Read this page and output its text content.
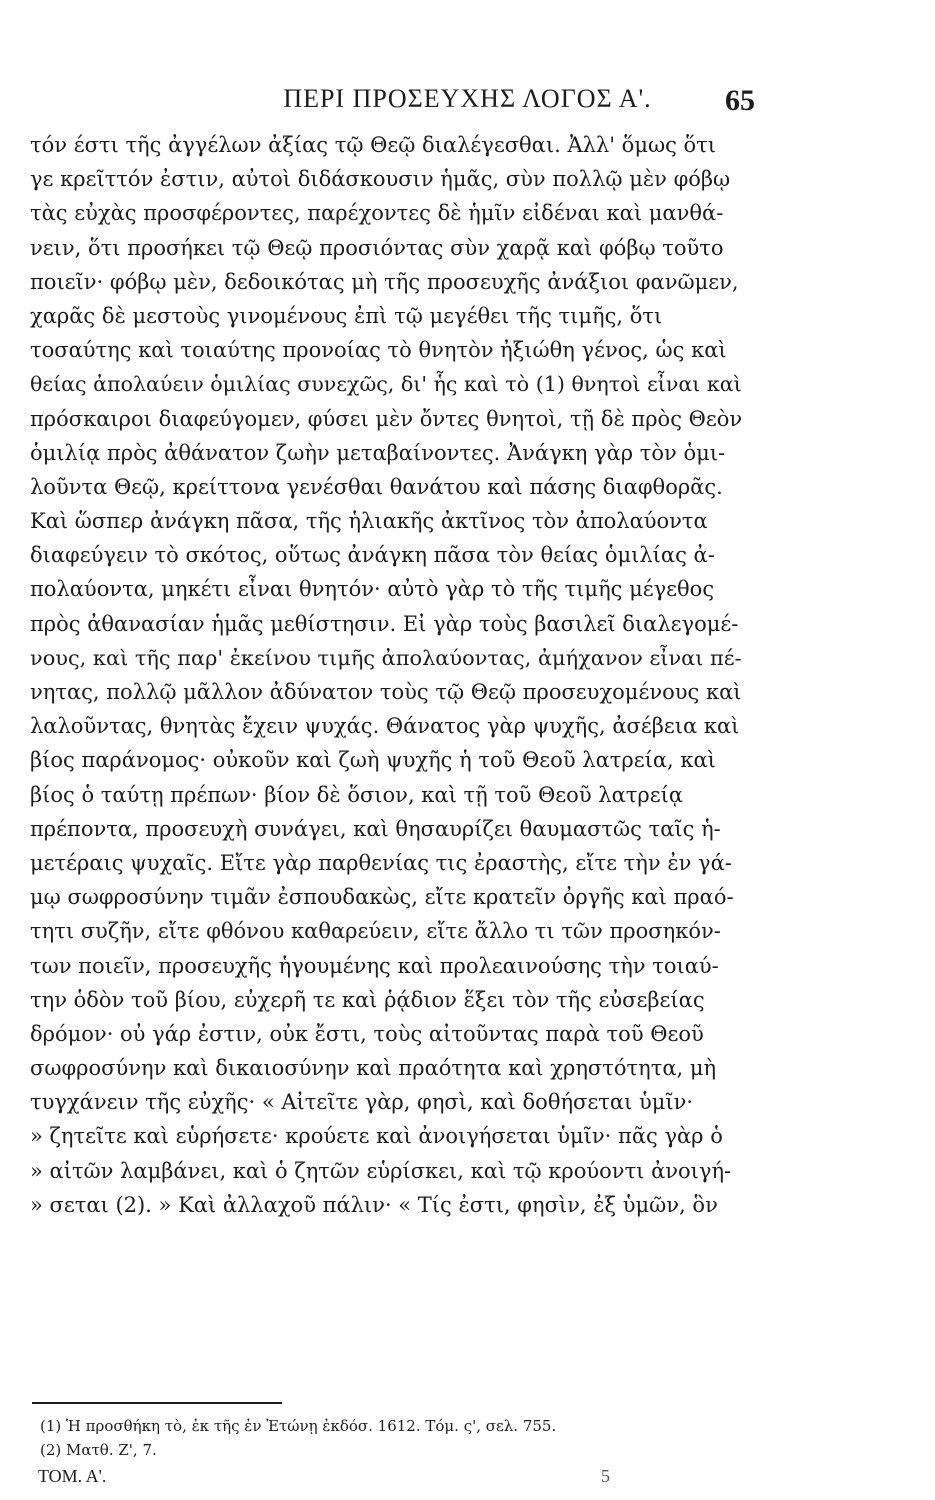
ΠΕΡΙ ΠΡΟΣΕΥΧΗΣ ΛΟΓΟΣ Α'.	65
τόν έστι τῆς ἀγγέλων ἀξίας τῷ Θεῷ διαλέγεσθαι. Ἀλλ' ὅμως ὅτι
γε κρεῖττόν ἐστιν, αὐτοὶ διδάσκουσιν ἡμᾶς, σὺν πολλῷ μὲν φόβῳ
τὰς εὐχὰς προσφέροντες, παρέχοντες δὲ ἡμῖν εἰδέναι καὶ μανθά-
νειν, ὅτι προσήκει τῷ Θεῷ προσιόντας σὺν χαρᾷ καὶ φόβῳ τοῦτο
ποιεῖν· φόβῳ μὲν, δεδοικότας μὴ τῆς προσευχῆς ἀνάξιοι φανῶμεν,
χαρᾶς δὲ μεστοὺς γινομένους ἐπὶ τῷ μεγέθει τῆς τιμῆς, ὅτι
τοσαύτης καὶ τοιαύτης προνοίας τὸ θνητὸν ἠξιώθη γένος, ὡς καὶ
θείας ἀπολαύειν ὁμιλίας συνεχῶς, δι' ἧς καὶ τὸ (1) θνητοὶ εἶναι καὶ
πρόσκαιροι διαφεύγομεν, φύσει μὲν ὄντες θνητοὶ, τῇ δὲ πρὸς Θεὸν
ὁμιλίᾳ πρὸς ἀθάνατον ζωὴν μεταβαίνοντες. Ἀνάγκη γὰρ τὸν ὁμι-
λοῦντα Θεῷ, κρείττονα γενέσθαι θανάτου καὶ πάσης διαφθορᾶς.
Καὶ ὥσπερ ἀνάγκη πᾶσα, τῆς ἡλιακῆς ἀκτῖνος τὸν ἀπολαύοντα
διαφεύγειν τὸ σκότος, οὕτως ἀνάγκη πᾶσα τὸν θείας ὁμιλίας ἀ-
πολαύοντα, μηκέτι εἶναι θνητόν· αὐτὸ γὰρ τὸ τῆς τιμῆς μέγεθος
πρὸς ἀθανασίαν ἡμᾶς μεθίστησιν. Εἰ γὰρ τοὺς βασιλεῖ διαλεγομέ-
νους, καὶ τῆς παρ' ἐκείνου τιμῆς ἀπολαύοντας, ἀμήχανον εἶναι πέ-
νητας, πολλῷ μᾶλλον ἀδύνατον τοὺς τῷ Θεῷ προσευχομένους καὶ
λαλοῦντας, θνητὰς ἔχειν ψυχάς. Θάνατος γὰρ ψυχῆς, ἀσέβεια καὶ
βίος παράνομος· οὐκοῦν καὶ ζωὴ ψυχῆς ἡ τοῦ Θεοῦ λατρεία, καὶ
βίος ὁ ταύτῃ πρέπων· βίον δὲ ὅσιον, καὶ τῇ τοῦ Θεοῦ λατρείᾳ
πρέποντα, προσευχὴ συνάγει, καὶ θησαυρίζει θαυμαστῶς ταῖς ἡ-
μετέραις ψυχαῖς. Εἴτε γὰρ παρθενίας τις ἐραστὴς, εἴτε τὴν ἐν γά-
μῳ σωφροσύνην τιμᾶν ἐσπουδακὼς, εἴτε κρατεῖν ὀργῆς καὶ πραό-
τητι συζῆν, εἴτε φθόνου καθαρεύειν, εἴτε ἄλλο τι τῶν προσηκόν-
των ποιεῖν, προσευχῆς ἡγουμένης καὶ προλεαινούσης τὴν τοιαύ-
την ὁδὸν τοῦ βίου, εὐχερῆ τε καὶ ῥᾴδιον ἕξει τὸν τῆς εὐσεβείας
δρόμον· οὐ γάρ ἐστιν, οὐκ ἔστι, τοὺς αἰτοῦντας παρὰ τοῦ Θεοῦ
σωφροσύνην καὶ δικαιοσύνην καὶ πραότητα καὶ χρηστότητα, μὴ
τυγχάνειν τῆς εὐχῆς· « Αἰτεῖτε γὰρ, φησὶ, καὶ δοθήσεται ὑμῖν·
» ζητεῖτε καὶ εὑρήσετε· κρούετε καὶ ἀνοιγήσεται ὑμῖν· πᾶς γὰρ ὁ
» αἰτῶν λαμβάνει, καὶ ὁ ζητῶν εὑρίσκει, καὶ τῷ κρούοντι ἀνοιγή-
» σεται (2). » Καὶ ἀλλαχοῦ πάλιν· « Τίς ἐστι, φησὶν, ἐξ ὑμῶν, ὃν
(1) Ἡ προσθήκη τὸ, ἐκ τῆς ἐν Ἐτώνῃ ἐκδόσ. 1612. Τόμ. ς', σελ. 755.
(2) Ματθ. Ζ', 7.
ΤΟΜ. Α'.	5
